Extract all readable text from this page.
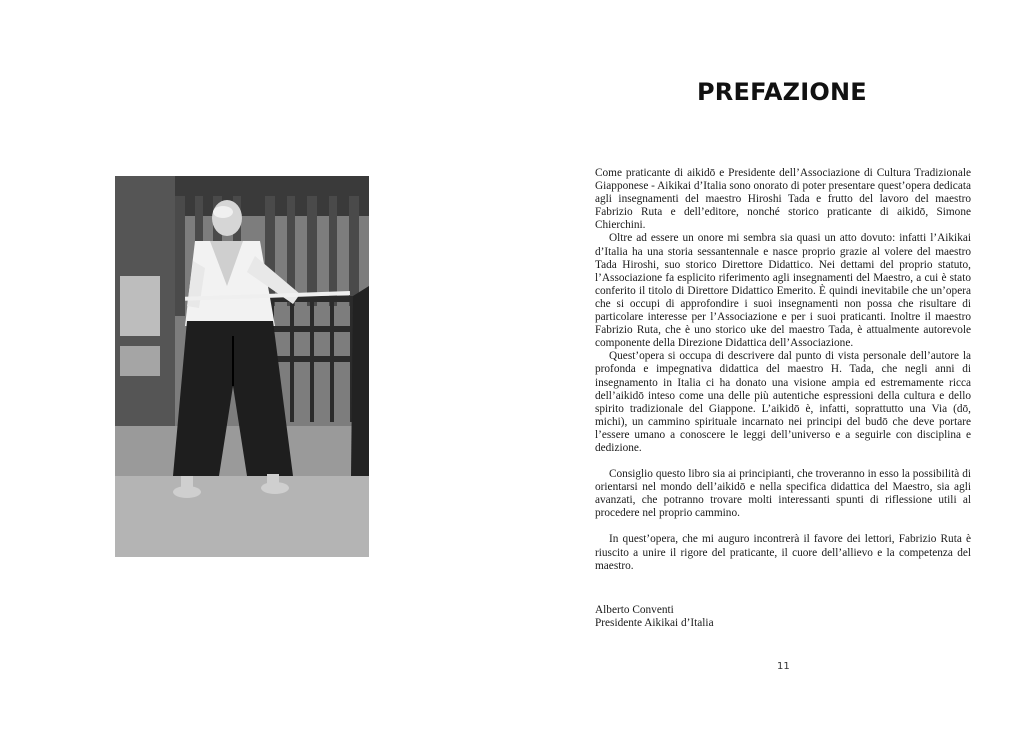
PREFAZIONE

Come praticante di aikidō e Presidente dell’Associazione di Cultura Tradizionale Giapponese - Aikikai d’Italia sono onorato di poter presentare quest’opera dedicata agli insegnamenti del maestro Hiroshi Tada e frutto del lavoro del maestro Fabrizio Ruta e dell’editore, nonché storico praticante di aikidō, Simone Chierchini.

Oltre ad essere un onore mi sembra sia quasi un atto dovuto: infatti l’Aikikai d’Italia ha una storia sessantennale e nasce proprio grazie al volere del maestro Tada Hiroshi, suo storico Direttore Didattico. Nei dettami del proprio statuto, l’Associazione fa esplicito riferimento agli insegnamenti del Maestro, a cui è stato conferito il titolo di Direttore Didattico Emerito. È quindi inevitabile che un’opera che si occupi di approfondire i suoi insegnamenti non possa che risultare di particolare interesse per l’Associazione e per i suoi praticanti. Inoltre il maestro Fabrizio Ruta, che è uno storico uke del maestro Tada, è attualmente autorevole componente della Direzione Didattica dell’Associazione.

Quest’opera si occupa di descrivere dal punto di vista personale dell’autore la profonda e impegnativa didattica del maestro H. Tada, che negli anni di insegnamento in Italia ci ha donato una visione ampia ed estremamente ricca dell’aikidō inteso come una delle più autentiche espressioni della cultura e dello spirito tradizionale del Giappone. L’aikidō è, infatti, soprattutto una Via (dō, michi), un cammino spirituale incarnato nei principi del budō che deve portare l’essere umano a conoscere le leggi dell’universo e a seguirle con disciplina e dedizione.

Consiglio questo libro sia ai principianti, che troveranno in esso la possibilità di orientarsi nel mondo dell’aikidō e nella specifica didattica del Maestro, sia agli avanzati, che potranno trovare molti interessanti spunti di riflessione utili al procedere nel proprio cammino.

In quest’opera, che mi auguro incontrerà il favore dei lettori, Fabrizio Ruta è riuscito a unire il rigore del praticante, il cuore dell’allievo e la competenza del maestro.

Alberto Conventi
Presidente Aikikai d’Italia
11
